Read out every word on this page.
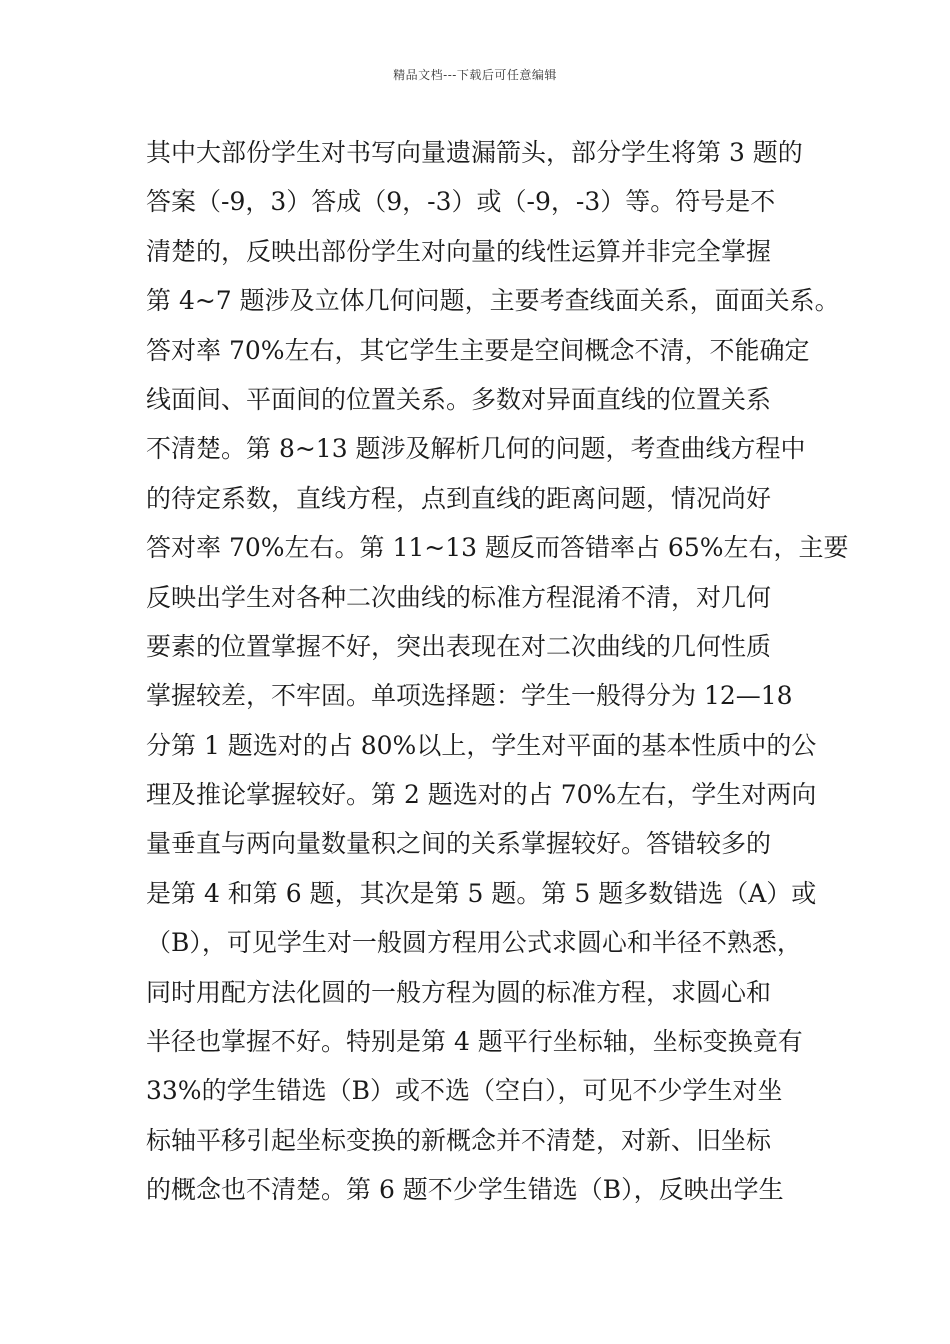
精品文档---下载后可任意编辑
其中大部份学生对书写向量遗漏箭头，部分学生将第 3 题的
答案（-9，3）答成（9，-3）或（-9，-3）等。符号是不
清楚的，反映出部份学生对向量的线性运算并非完全掌握
第 4~7 题涉及立体几何问题，主要考查线面关系，面面关系。
答对率 70%左右，其它学生主要是空间概念不清，不能确定
线面间、平面间的位置关系。多数对异面直线的位置关系
不清楚。第 8~13 题涉及解析几何的问题，考查曲线方程中
的待定系数，直线方程，点到直线的距离问题，情况尚好
答对率 70%左右。第 11~13 题反而答错率占 65%左右，主要
反映出学生对各种二次曲线的标准方程混淆不清，对几何
要素的位置掌握不好，突出表现在对二次曲线的几何性质
掌握较差，不牢固。单项选择题：学生一般得分为 12—18
分第 1 题选对的占 80%以上，学生对平面的基本性质中的公
理及推论掌握较好。第 2 题选对的占 70%左右，学生对两向
量垂直与两向量数量积之间的关系掌握较好。答错较多的
是第 4 和第 6 题，其次是第 5 题。第 5 题多数错选（A）或
（B），可见学生对一般圆方程用公式求圆心和半径不熟悉，
同时用配方法化圆的一般方程为圆的标准方程，求圆心和
半径也掌握不好。特别是第 4 题平行坐标轴，坐标变换竟有
33%的学生错选（B）或不选（空白），可见不少学生对坐
标轴平移引起坐标变换的新概念并不清楚，对新、旧坐标
的概念也不清楚。第 6 题不少学生错选（B），反映出学生
